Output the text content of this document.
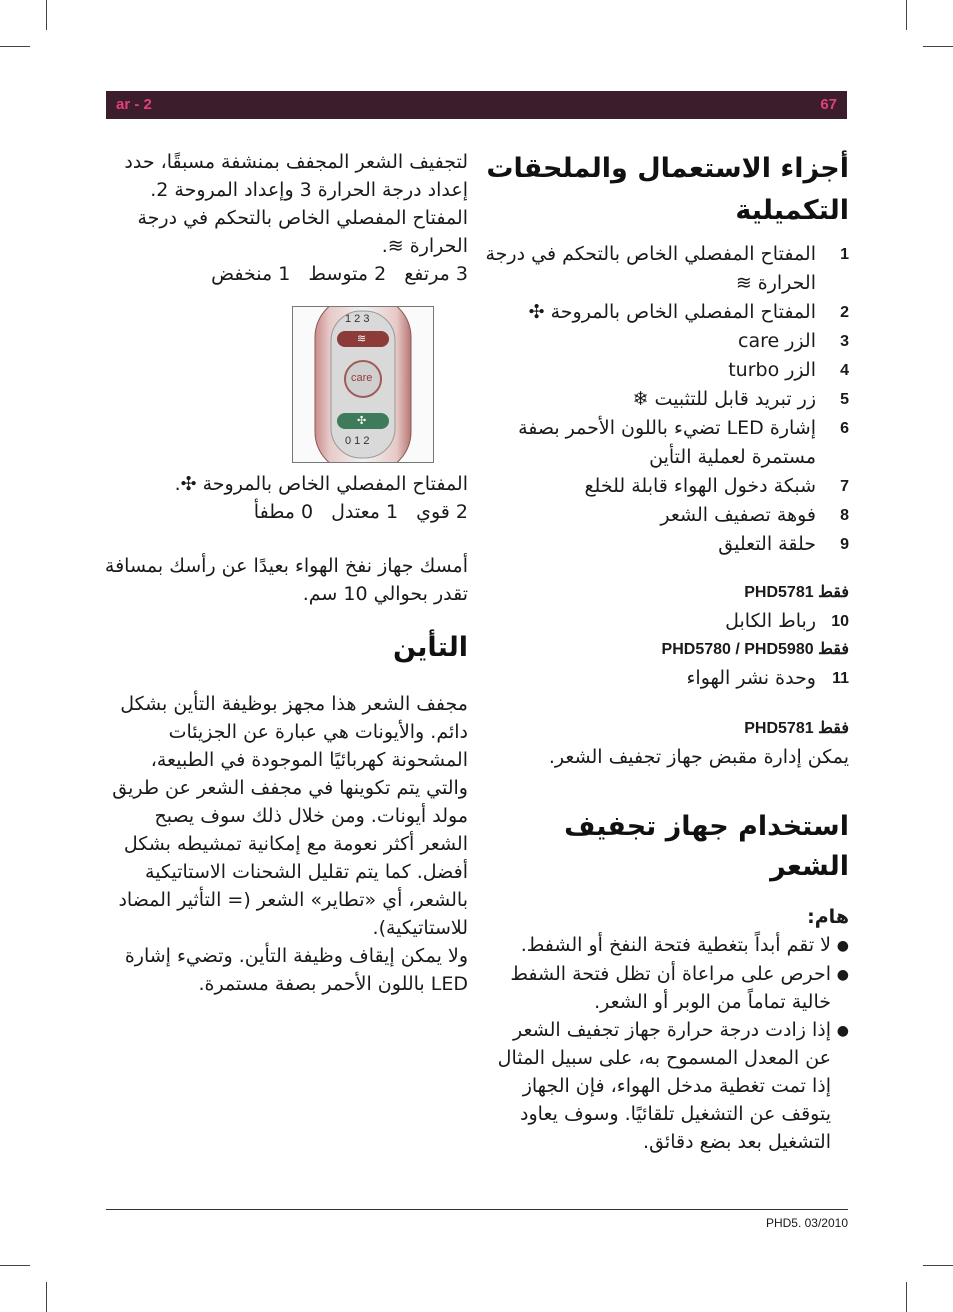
ar - 2	67

أجزاء الاستعمال والملحقات التكميلية

1
المفتاح المفصلي الخاص بالتحكم في درجة الحرارة ≋
2
المفتاح المفصلي الخاص بالمروحة ✣
3
الزر care
4
الزر turbo
5
زر تبريد قابل للتثبيت ❄
6
إشارة LED تضيء باللون الأحمر بصفة مستمرة لعملية التأين
7
شبكة دخول الهواء قابلة للخلع
8
فوهة تصفيف الشعر
9
حلقة التعليق

فقط PHD5781

10
رباط الكابل

فقط PHD5780 / PHD5980

11
وحدة نشر الهواء

فقط PHD5781

يمكن إدارة مقبض جهاز تجفيف الشعر.

استخدام جهاز تجفيف الشعر

هام:

●
لا تقم أبداً بتغطية فتحة النفخ أو الشفط.
●
احرص على مراعاة أن تظل فتحة الشفط خالية تماماً من الوبر أو الشعر.
●
إذا زادت درجة حرارة جهاز تجفيف الشعر عن المعدل المسموح به، على سبيل المثال إذا تمت تغطية مدخل الهواء، فإن الجهاز يتوقف عن التشغيل تلقائيًا. وسوف يعاود التشغيل بعد بضع دقائق.

لتجفيف الشعر المجفف بمنشفة مسبقًا، حدد إعداد درجة الحرارة 3 وإعداد المروحة 2.

المفتاح المفصلي الخاص بالتحكم في درجة الحرارة ≋.

3 مرتفع
2 متوسط
1 منخفض
1 2 3
≋
care
✣
0 1 2

المفتاح المفصلي الخاص بالمروحة ✣.

2 قوي
1 معتدل
0 مطفأ

أمسك جهاز نفخ الهواء بعيدًا عن رأسك بمسافة تقدر بحوالي 10 سم.

التأين

مجفف الشعر هذا مجهز بوظيفة التأين بشكل دائم. والأيونات هي عبارة عن الجزيئات المشحونة كهربائيًا الموجودة في الطبيعة، والتي يتم تكوينها في مجفف الشعر عن طريق مولد أيونات. ومن خلال ذلك سوف يصبح الشعر أكثر نعومة مع إمكانية تمشيطه بشكل أفضل. كما يتم تقليل الشحنات الاستاتيكية بالشعر، أي «تطاير» الشعر (= التأثير المضاد للاستاتيكية).

ولا يمكن إيقاف وظيفة التأين. وتضيء إشارة LED باللون الأحمر بصفة مستمرة.

PHD5. 03/2010
